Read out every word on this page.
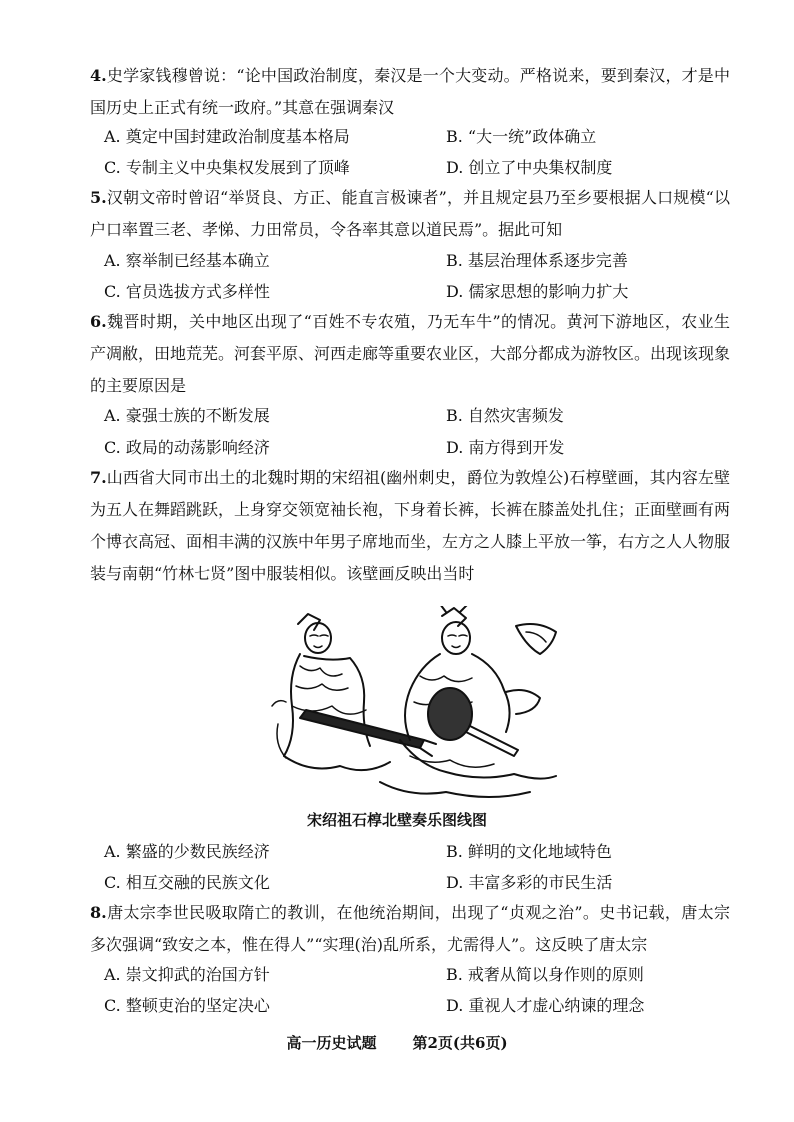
4.史学家钱穆曾说：“论中国政治制度，秦汉是一个大变动。严格说来，要到秦汉，才是中国历史上正式有统一政府。”其意在强调秦汉

A. 奠定中国封建政治制度基本格局	B. “大一统”政体确立
C. 专制主义中央集权发展到了顶峰	D. 创立了中央集权制度

5.汉朝文帝时曾诏“举贤良、方正、能直言极谏者”，并且规定县乃至乡要根据人口规模“以户口率置三老、孝悌、力田常员，令各率其意以道民焉”。据此可知

A. 察举制已经基本确立	B. 基层治理体系逐步完善
C. 官员选拔方式多样性	D. 儒家思想的影响力扩大

6.魏晋时期，关中地区出现了“百姓不专农殖，乃无车牛”的情况。黄河下游地区，农业生产凋敝，田地荒芜。河套平原、河西走廊等重要农业区，大部分都成为游牧区。出现该现象的主要原因是

A. 豪强士族的不断发展	B. 自然灾害频发
C. 政局的动荡影响经济	D. 南方得到开发

7.山西省大同市出土的北魏时期的宋绍祖(幽州刺史，爵位为敦煌公)石椁壁画，其内容左壁为五人在舞蹈跳跃，上身穿交领宽袖长袍，下身着长裤，长裤在膝盖处扎住；正面壁画有两个博衣高冠、面相丰满的汉族中年男子席地而坐，左方之人膝上平放一筝，右方之人人物服装与南朝“竹林七贤”图中服装相似。该壁画反映出当时

宋绍祖石椁北壁奏乐图线图
A. 繁盛的少数民族经济	B. 鲜明的文化地域特色
C. 相互交融的民族文化	D. 丰富多彩的市民生活

8.唐太宗李世民吸取隋亡的教训，在他统治期间，出现了“贞观之治”。史书记载，唐太宗多次强调“致安之本，惟在得人”“实理(治)乱所系，尤需得人”。这反映了唐太宗

A. 崇文抑武的治国方针	B. 戒奢从简以身作则的原则
C. 整顿吏治的坚定决心	D. 重视人才虚心纳谏的理念
高一历史试题 第2页(共6页)
